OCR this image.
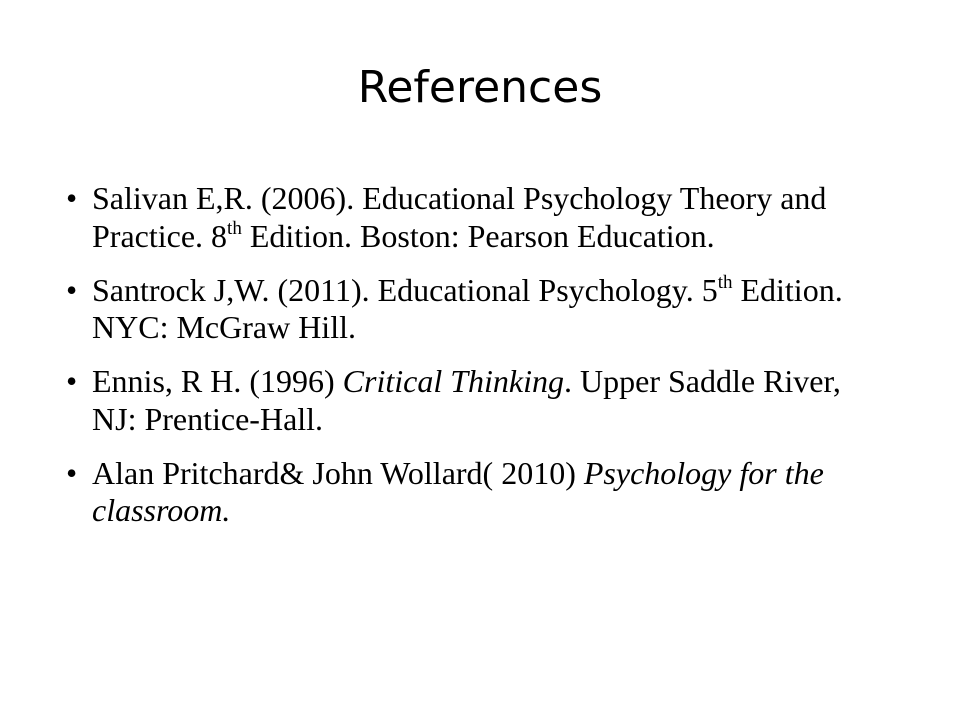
References
• Salivan E,R. (2006). Educational Psychology Theory and Practice. 8th Edition. Boston: Pearson Education.
• Santrock J,W. (2011). Educational Psychology. 5th Edition. NYC: McGraw Hill.
• Ennis, R H. (1996) Critical Thinking. Upper Saddle River, NJ: Prentice-Hall.
• Alan Pritchard& John Wollard( 2010) Psychology for the classroom.
